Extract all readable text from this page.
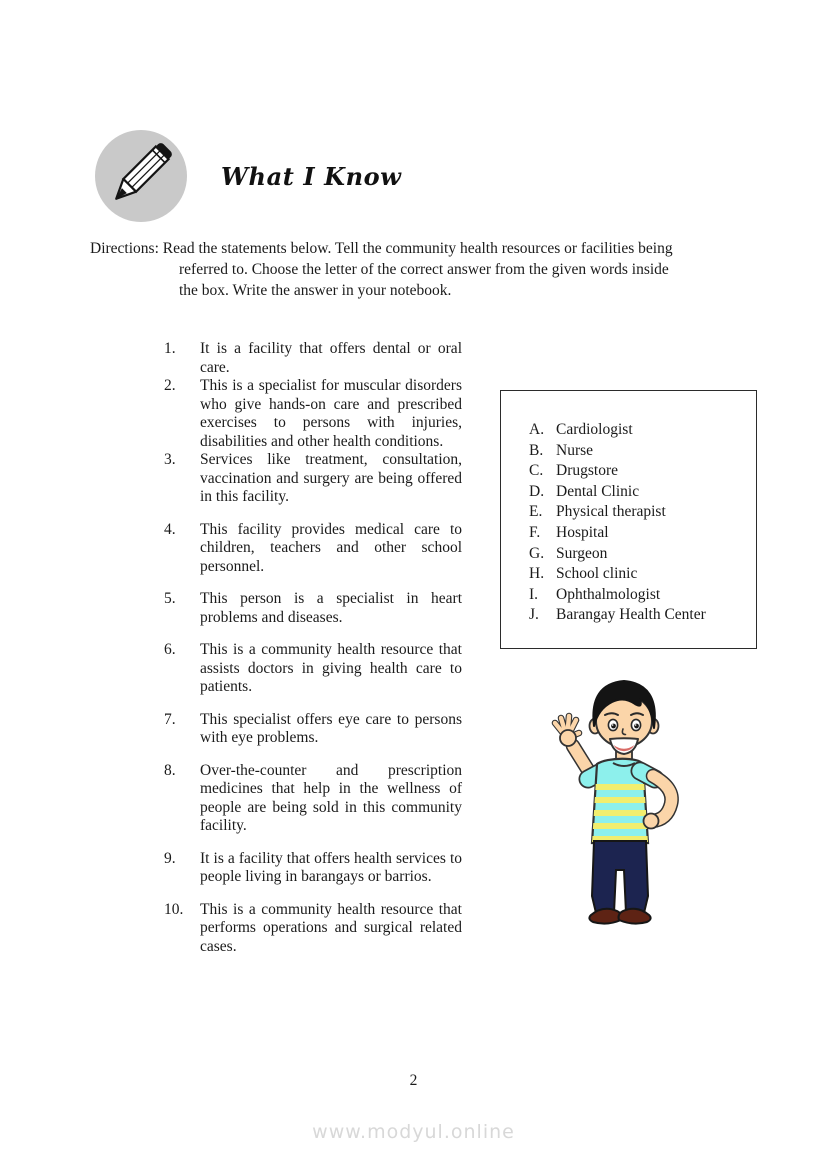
What I Know

Directions: Read the statements below. Tell the community health resources or facilities being referred to. Choose the letter of the correct answer from the given words inside the box. Write the answer in your notebook.

1.	It is a facility that offers dental or oral care.
2.	This is a specialist for muscular disorders who give hands-on care and prescribed exercises to persons with injuries, disabilities and other health conditions.
3.	Services like treatment, consultation, vaccination and surgery are being offered in this facility.
4.	This facility provides medical care to children, teachers and other school personnel.
5.	This person is a specialist in heart problems and diseases.
6.	This is a community health resource that assists doctors in giving health care to patients.
7.	This specialist offers eye care to persons with eye problems.
8.	Over-the-counter and prescription medicines that help in the wellness of people are being sold in this community facility.
9.	It is a facility that offers health services to people living in barangays or barrios.
10.	This is a community health resource that performs operations and surgical related cases.
A. Cardiologist
B. Nurse
C. Drugstore
D. Dental Clinic
E. Physical therapist
F.	Hospital
G. Surgeon
H. School clinic
I.	Ophthalmologist
J.	Barangay Health Center
2
www.modyul.online
